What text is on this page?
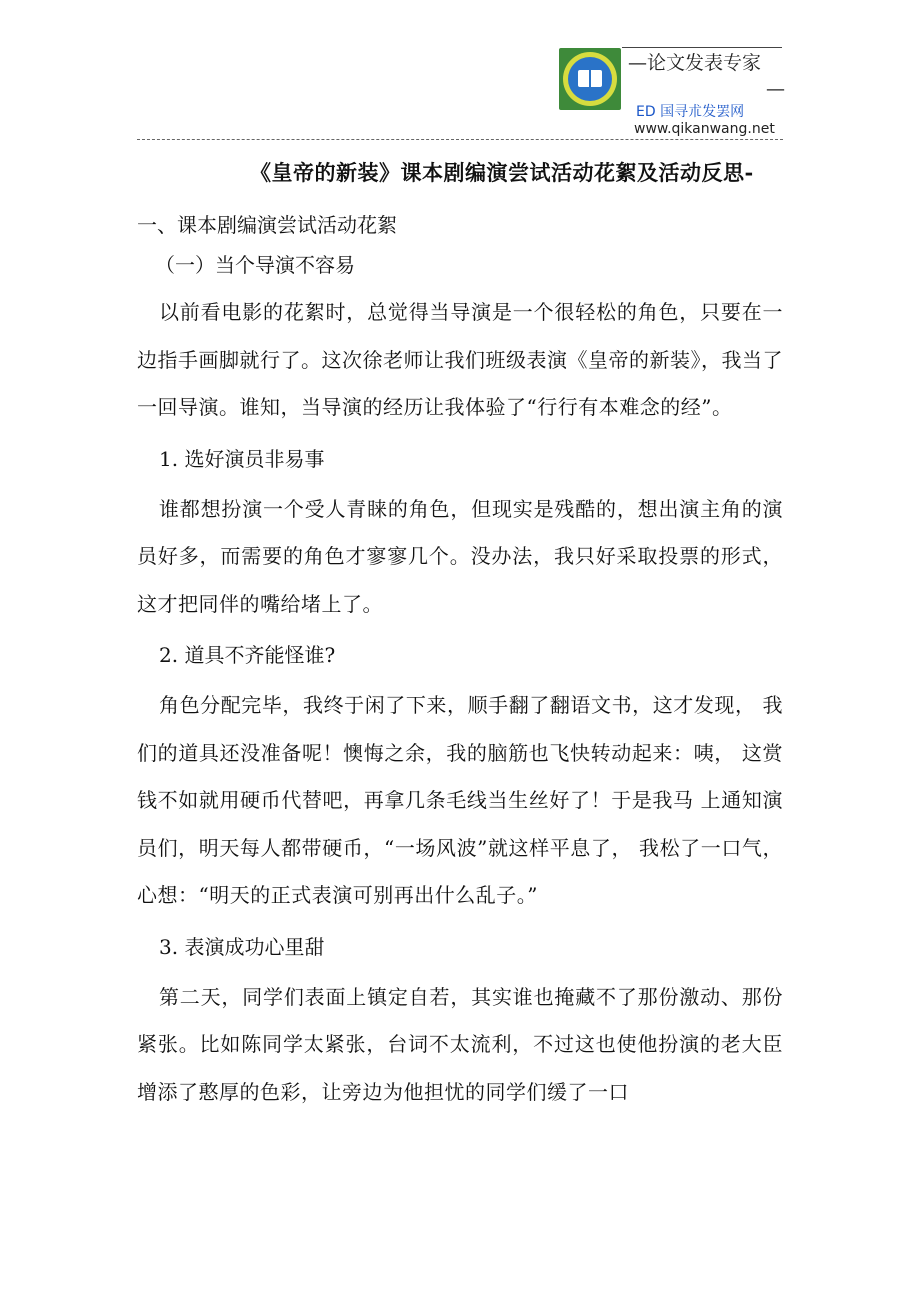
—论文发表专家
—
ED 国寻朮发罢网
www.qikanwang.net
《皇帝的新装》课本剧编演尝试活动花絮及活动反思-
一、课本剧编演尝试活动花絮
（一）当个导演不容易

以前看电影的花絮时，总觉得当导演是一个很轻松的角色，只要在一边指手画脚就行了。这次徐老师让我们班级表演《皇帝的新装》，我当了一回导演。谁知，当导演的经历让我体验了“行行有本难念的经”。

1. 选好演员非易事

谁都想扮演一个受人青睐的角色，但现实是残酷的，想出演主角的演员好多，而需要的角色才寥寥几个。没办法，我只好采取投票的形式，这才把同伴的嘴给堵上了。

2. 道具不齐能怪谁?

角色分配完毕，我终于闲了下来，顺手翻了翻语文书，这才发现， 我们的道具还没准备呢！懊悔之余，我的脑筋也飞快转动起来：咦， 这赏钱不如就用硬币代替吧，再拿几条毛线当生丝好了！于是我马 上通知演员们，明天每人都带硬币，“一场风波”就这样平息了， 我松了一口气，心想：“明天的正式表演可别再出什么乱子。”

3. 表演成功心里甜

第二天，同学们表面上镇定自若，其实谁也掩藏不了那份激动、那份紧张。比如陈同学太紧张，台词不太流利，不过这也使他扮演的老大臣增添了憨厚的色彩，让旁边为他担忧的同学们缓了一口
